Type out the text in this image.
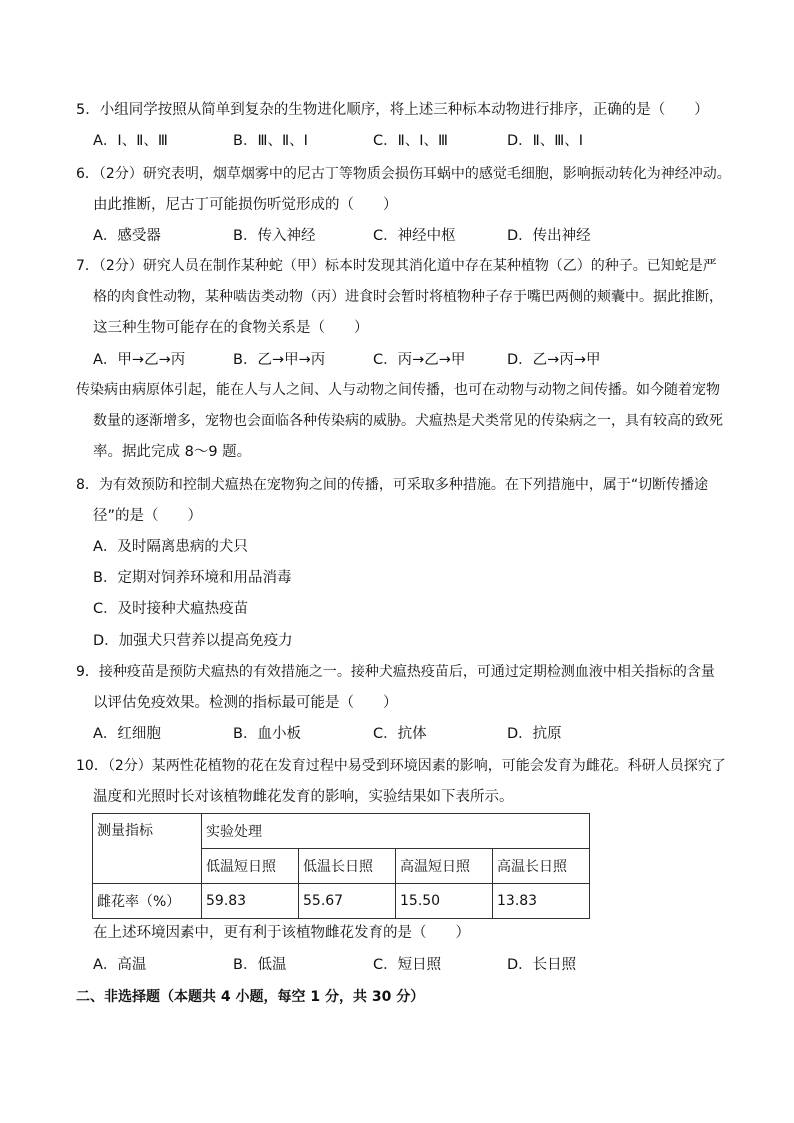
5．小组同学按照从简单到复杂的生物进化顺序，将上述三种标本动物进行排序，正确的是（　　）
A．Ⅰ、Ⅱ、Ⅲ	B．Ⅲ、Ⅱ、Ⅰ	C．Ⅱ、Ⅰ、Ⅲ	D．Ⅱ、Ⅲ、Ⅰ
6．（2分）研究表明，烟草烟雾中的尼古丁等物质会损伤耳蜗中的感觉毛细胞，影响振动转化为神经冲动。
由此推断，尼古丁可能损伤听觉形成的（　　）
A．感受器	B．传入神经	C．神经中枢	D．传出神经
7．（2分）研究人员在制作某种蛇（甲）标本时发现其消化道中存在某种植物（乙）的种子。已知蛇是严
格的肉食性动物，某种啮齿类动物（丙）进食时会暂时将植物种子存于嘴巴两侧的颊囊中。据此推断，
这三种生物可能存在的食物关系是（　　）
A．甲→乙→丙	B．乙→甲→丙	C．丙→乙→甲	D．乙→丙→甲
传染病由病原体引起，能在人与人之间、人与动物之间传播，也可在动物与动物之间传播。如今随着宠物
数量的逐渐增多，宠物也会面临各种传染病的威胁。犬瘟热是犬类常见的传染病之一，具有较高的致死
率。据此完成 8～9 题。
8．为有效预防和控制犬瘟热在宠物狗之间的传播，可采取多种措施。在下列措施中，属于“切断传播途
径”的是（　　）
A．及时隔离患病的犬只
B．定期对饲养环境和用品消毒
C．及时接种犬瘟热疫苗
D．加强犬只营养以提高免疫力
9．接种疫苗是预防犬瘟热的有效措施之一。接种犬瘟热疫苗后，可通过定期检测血液中相关指标的含量
以评估免疫效果。检测的指标最可能是（　　）
A．红细胞	B．血小板	C．抗体	D．抗原
10．（2分）某两性花植物的花在发育过程中易受到环境因素的影响，可能会发育为雌花。科研人员探究了
温度和光照时长对该植物雌花发育的影响，实验结果如下表所示。
测量指标	实验处理			
	低温短日照	低温长日照	高温短日照	高温长日照
雌花率（%）	59.83	55.67	15.50	13.83
在上述环境因素中，更有利于该植物雌花发育的是（　　）
A．高温	B．低温	C．短日照	D．长日照
二、非选择题（本题共 4 小题，每空 1 分，共 30 分）
